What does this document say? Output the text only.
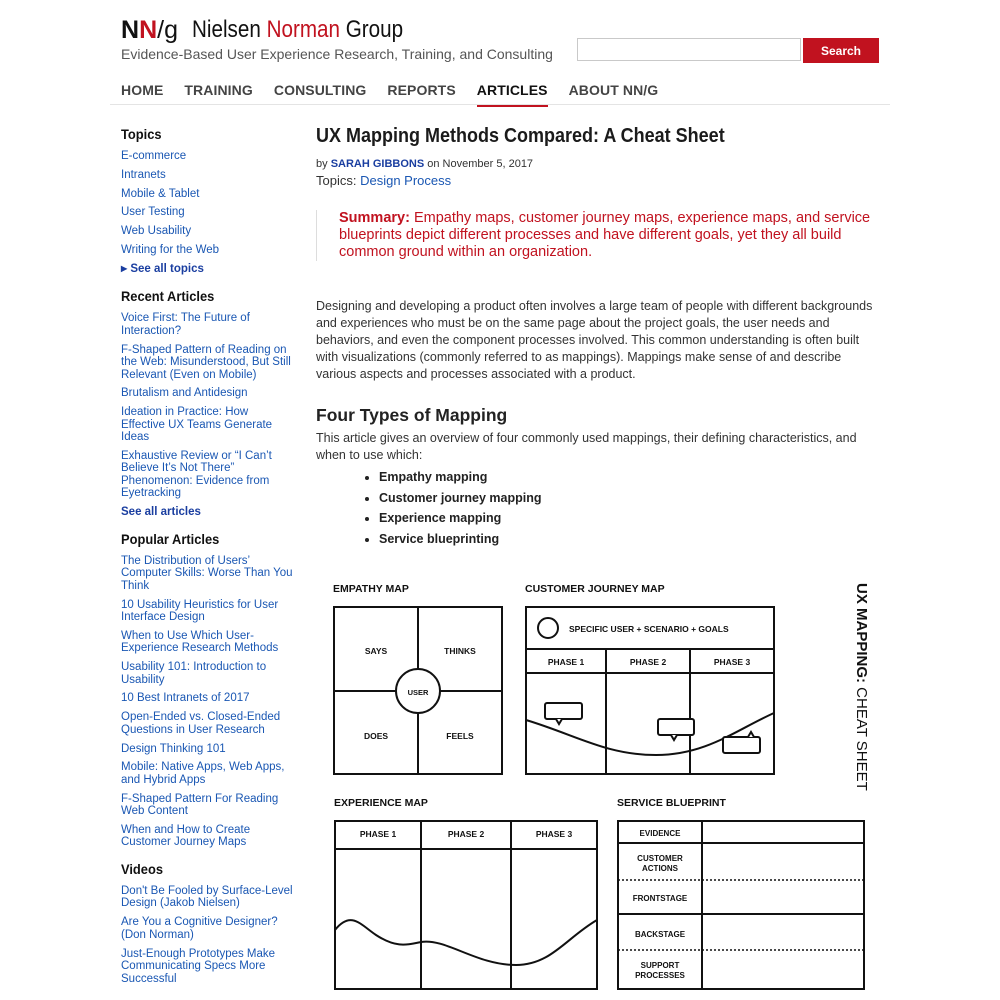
NN/g Nielsen Norman Group
Evidence-Based User Experience Research, Training, and Consulting	Search
HOME TRAINING CONSULTING REPORTS ARTICLES ABOUT NN/G
Topics
E-commerce
Intranets
Mobile & Tablet
User Testing
Web Usability
Writing for the Web
▶ See all topics
Recent Articles
Voice First: The Future of Interaction?
F-Shaped Pattern of Reading on the Web: Misunderstood, But Still Relevant (Even on Mobile)
Brutalism and Antidesign
Ideation in Practice: How Effective UX Teams Generate Ideas
Exhaustive Review or “I Can’t Believe It’s Not There” Phenomenon: Evidence from Eyetracking
See all articles
Popular Articles
The Distribution of Users’ Computer Skills: Worse Than You Think
10 Usability Heuristics for User Interface Design
When to Use Which User-Experience Research Methods
Usability 101: Introduction to Usability
10 Best Intranets of 2017
Open-Ended vs. Closed-Ended Questions in User Research
Design Thinking 101
Mobile: Native Apps, Web Apps, and Hybrid Apps
F-Shaped Pattern For Reading Web Content
When and How to Create Customer Journey Maps
Videos
Don't Be Fooled by Surface-Level Design (Jakob Nielsen)
Are You a Cognitive Designer? (Don Norman)
Just-Enough Prototypes Make Communicating Specs More Successful
UX Mapping Methods Compared: A Cheat Sheet
by SARAH GIBBONS on November 5, 2017
Topics: Design Process
Summary: Empathy maps, customer journey maps, experience maps, and service blueprints depict different processes and have different goals, yet they all build common ground within an organization.
Designing and developing a product often involves a large team of people with different backgrounds and experiences who must be on the same page about the project goals, the user needs and behaviors, and even the component processes involved. This common understanding is often built with visualizations (commonly referred to as mappings). Mappings make sense of and describe various aspects and processes associated with a product.
Four Types of Mapping
This article gives an overview of four commonly used mappings, their defining characteristics, and when to use which:
• Empathy mapping
• Customer journey mapping
• Experience mapping
• Service blueprinting
EMPATHY MAP
SAYS	THINKS
DOES	FEELS
USER
CUSTOMER JOURNEY MAP
SPECIFIC USER + SCENARIO + GOALS
PHASE 1	PHASE 2	PHASE 3
EXPERIENCE MAP
PHASE 1	PHASE 2	PHASE 3
SERVICE BLUEPRINT
EVIDENCE
CUSTOMER
ACTIONS
FRONTSTAGE
BACKSTAGE
SUPPORT
PROCESSES
UX MAPPING: CHEAT SHEET
